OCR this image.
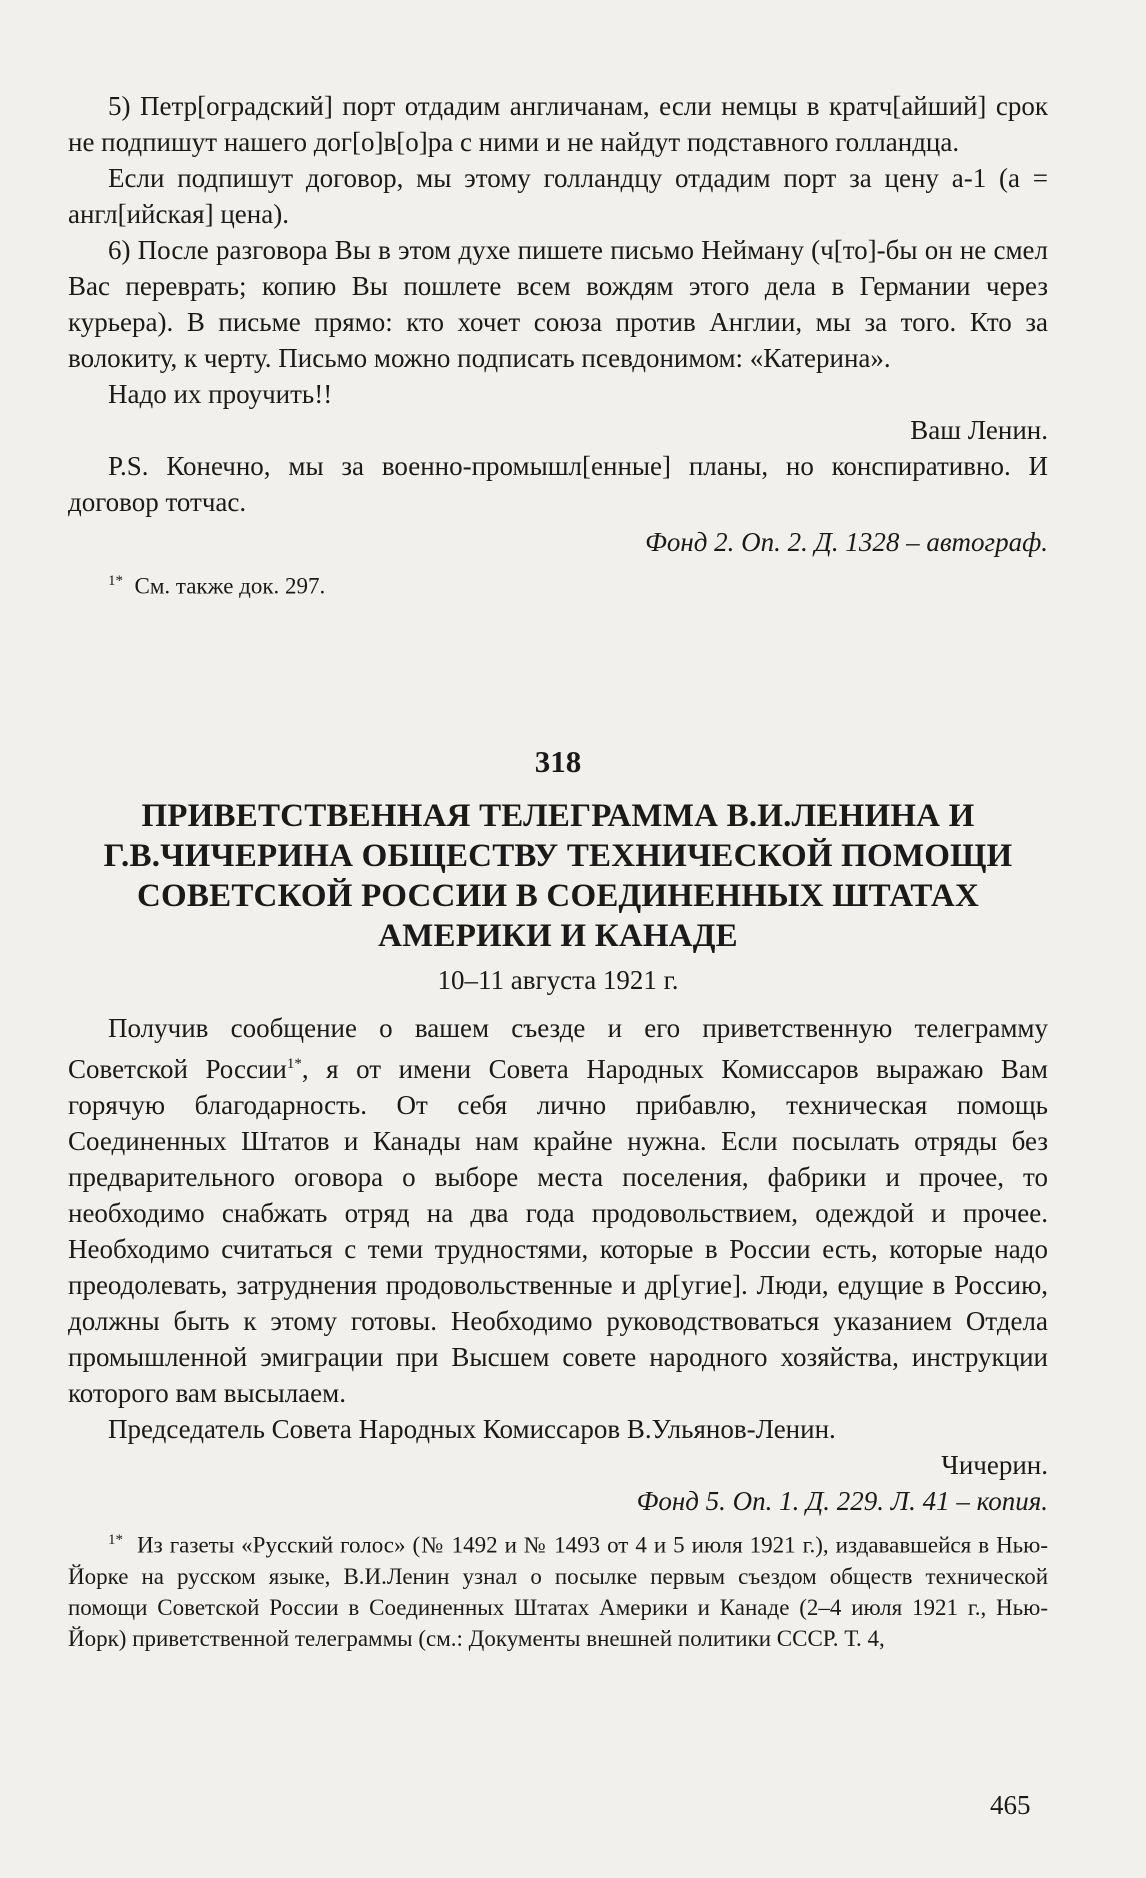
5) Петр[оградский] порт отдадим англичанам, если немцы в кратч[айший] срок не подпишут нашего дог[о]в[о]ра с ними и не найдут подставного голландца.

Если подпишут договор, мы этому голландцу отдадим порт за цену а-1 (а = англ[ийская] цена).

6) После разговора Вы в этом духе пишете письмо Нейману (ч[то]-бы он не смел Вас переврать; копию Вы пошлете всем вождям этого дела в Германии через курьера). В письме прямо: кто хочет союза против Англии, мы за того. Кто за волокиту, к черту. Письмо можно подписать псевдонимом: «Катерина».

Надо их проучить!!

Ваш Ленин.

P.S. Конечно, мы за военно-промышл[енные] планы, но конспиративно. И договор тотчас.

Фонд 2. Оп. 2. Д. 1328 – автограф.

$^{1*}$ См. также док. 297.

318
ПРИВЕТСТВЕННАЯ ТЕЛЕГРАММА В.И.ЛЕНИНА И Г.В.ЧИЧЕРИНА ОБЩЕСТВУ ТЕХНИЧЕСКОЙ ПОМОЩИ СОВЕТСКОЙ РОССИИ В СОЕДИНЕННЫХ ШТАТАХ АМЕРИКИ И КАНАДЕ

10–11 августа 1921 г.

Получив сообщение о вашем съезде и его приветственную телеграмму Советской России$^{1*}$, я от имени Совета Народных Комиссаров выражаю Вам горячую благодарность. От себя лично прибавлю, техническая помощь Соединенных Штатов и Канады нам крайне нужна. Если посылать отряды без предварительного оговора о выборе места поселения, фабрики и прочее, то необходимо снабжать отряд на два года продовольствием, одеждой и прочее. Необходимо считаться с теми трудностями, которые в России есть, которые надо преодолевать, затруднения продовольственные и др[угие]. Люди, едущие в Россию, должны быть к этому готовы. Необходимо руководствоваться указанием Отдела промышленной эмиграции при Высшем совете народного хозяйства, инструкции которого вам высылаем.

Председатель Совета Народных Комиссаров В.Ульянов-Ленин.

Чичерин.

Фонд 5. Оп. 1. Д. 229. Л. 41 – копия.

$^{1*}$ Из газеты «Русский голос» (№ 1492 и № 1493 от 4 и 5 июля 1921 г.), издававшейся в Нью-Йорке на русском языке, В.И.Ленин узнал о посылке первым съездом обществ технической помощи Советской России в Соединенных Штатах Америки и Канаде (2–4 июля 1921 г., Нью-Йорк) приветственной телеграммы (см.: Документы внешней политики СССР. Т. 4,

465
